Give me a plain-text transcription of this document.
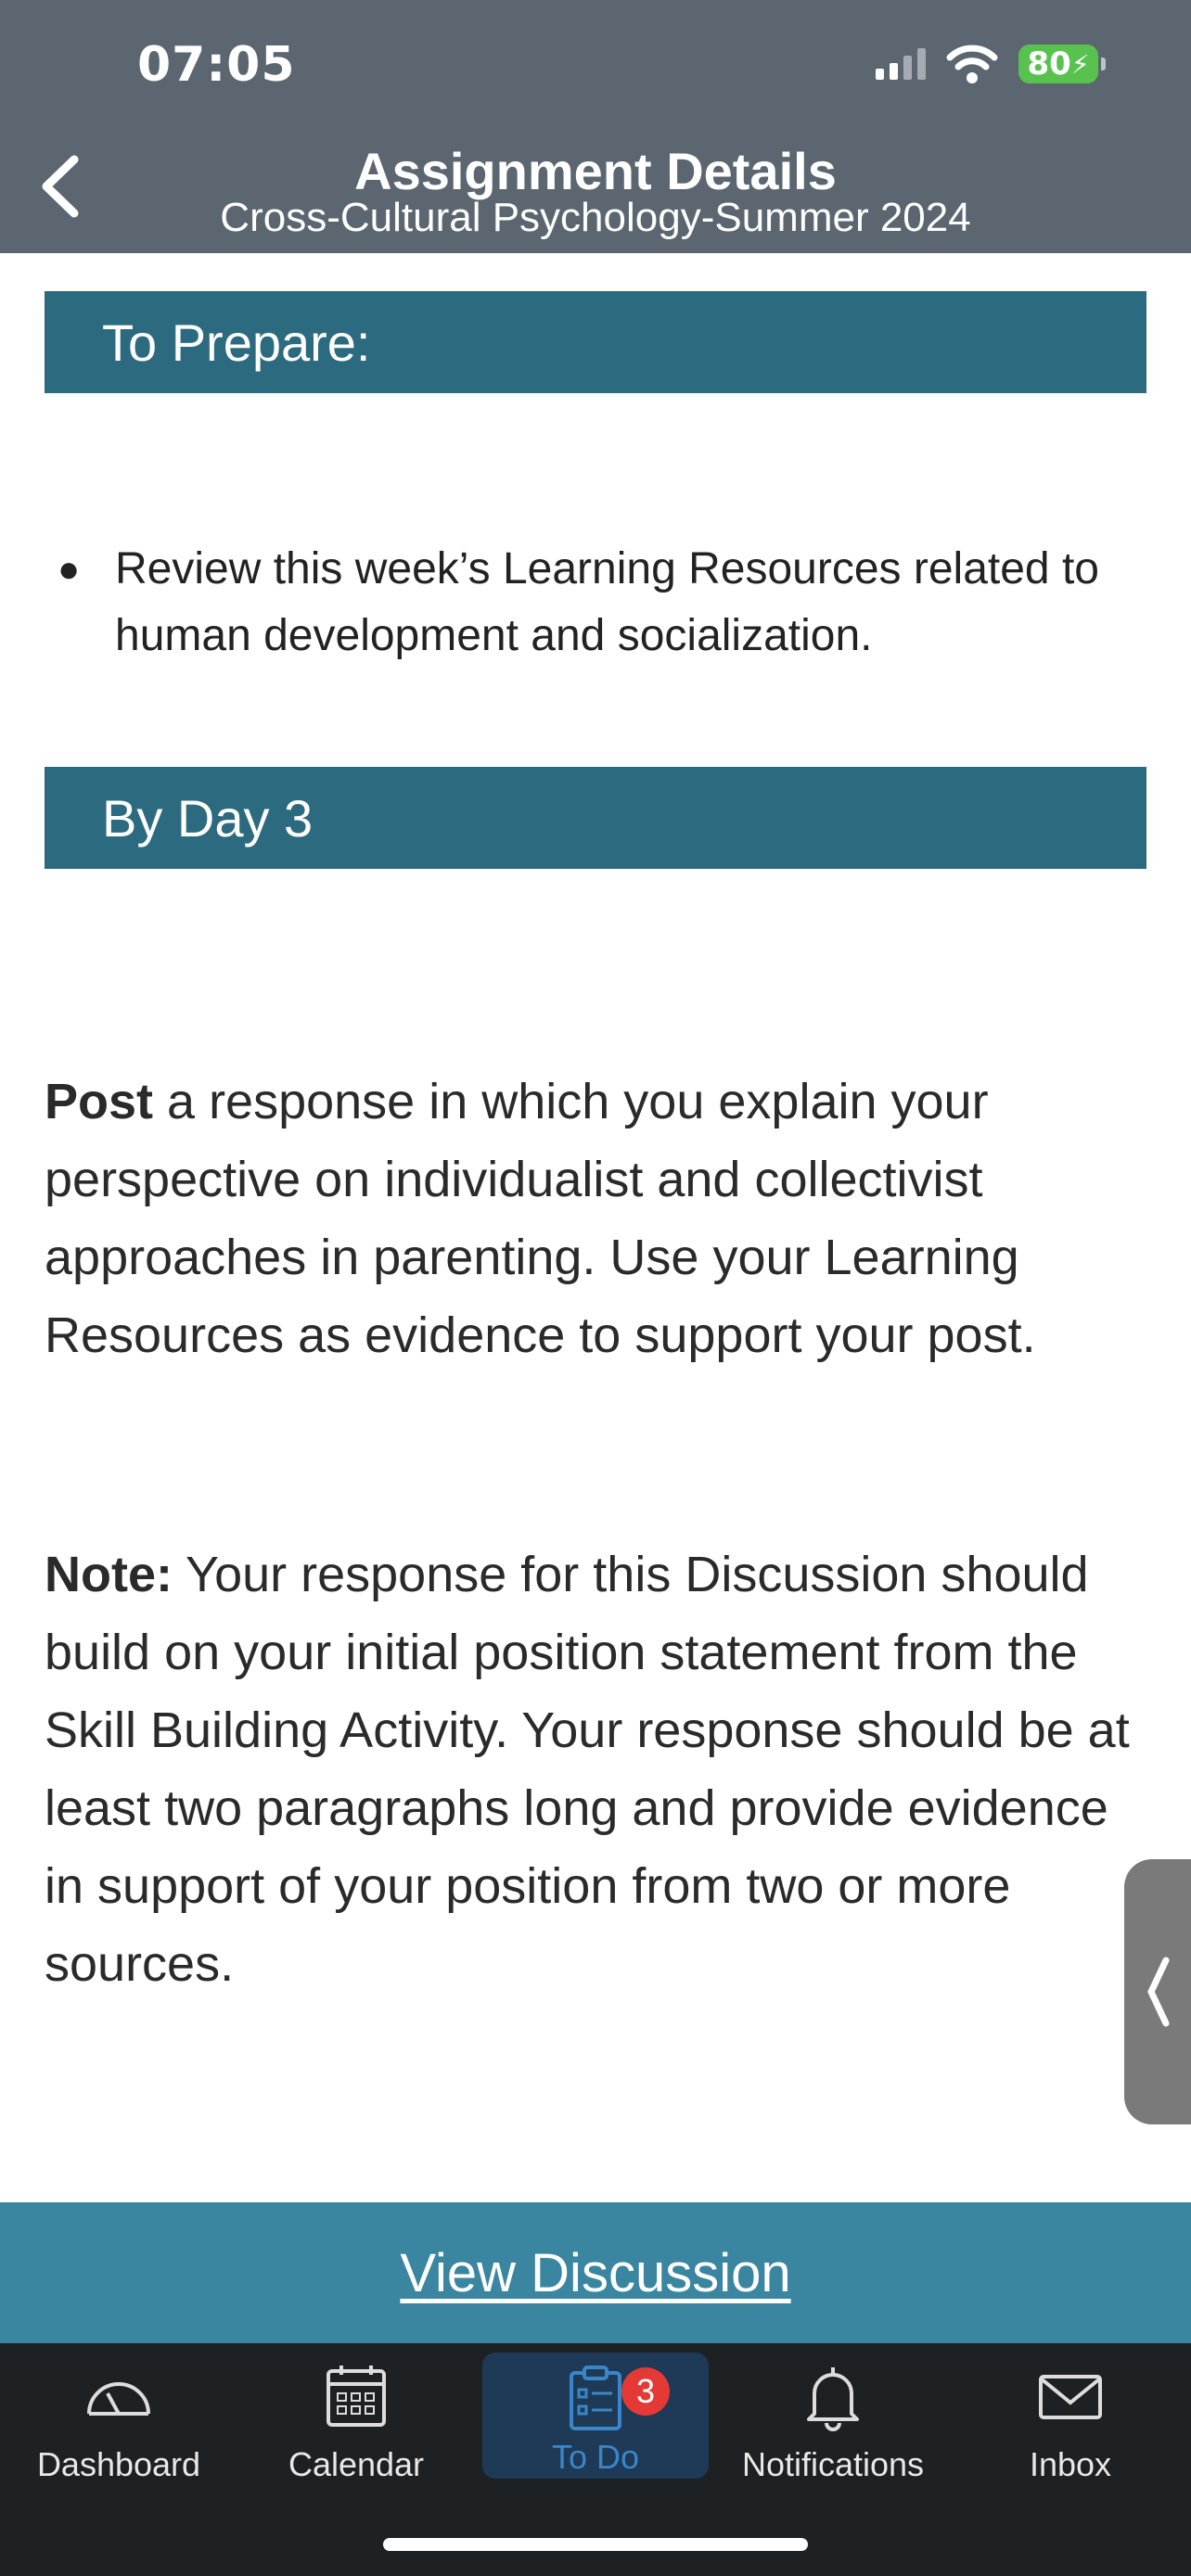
07:05	80 ⚡
Assignment Details
Cross-Cultural Psychology-Summer 2024
To Prepare:
● Review this week’s Learning Resources related to human development and socialization.
By Day 3
Post a response in which you explain your perspective on individualist and collectivist approaches in parenting. Use your Learning Resources as evidence to support your post.
Note: Your response for this Discussion should build on your initial position statement from the Skill Building Activity. Your response should be at least two paragraphs long and provide evidence in support of your position from two or more sources.
View Discussion
Dashboard	Calendar
3
To Do	Notifications	Inbox
